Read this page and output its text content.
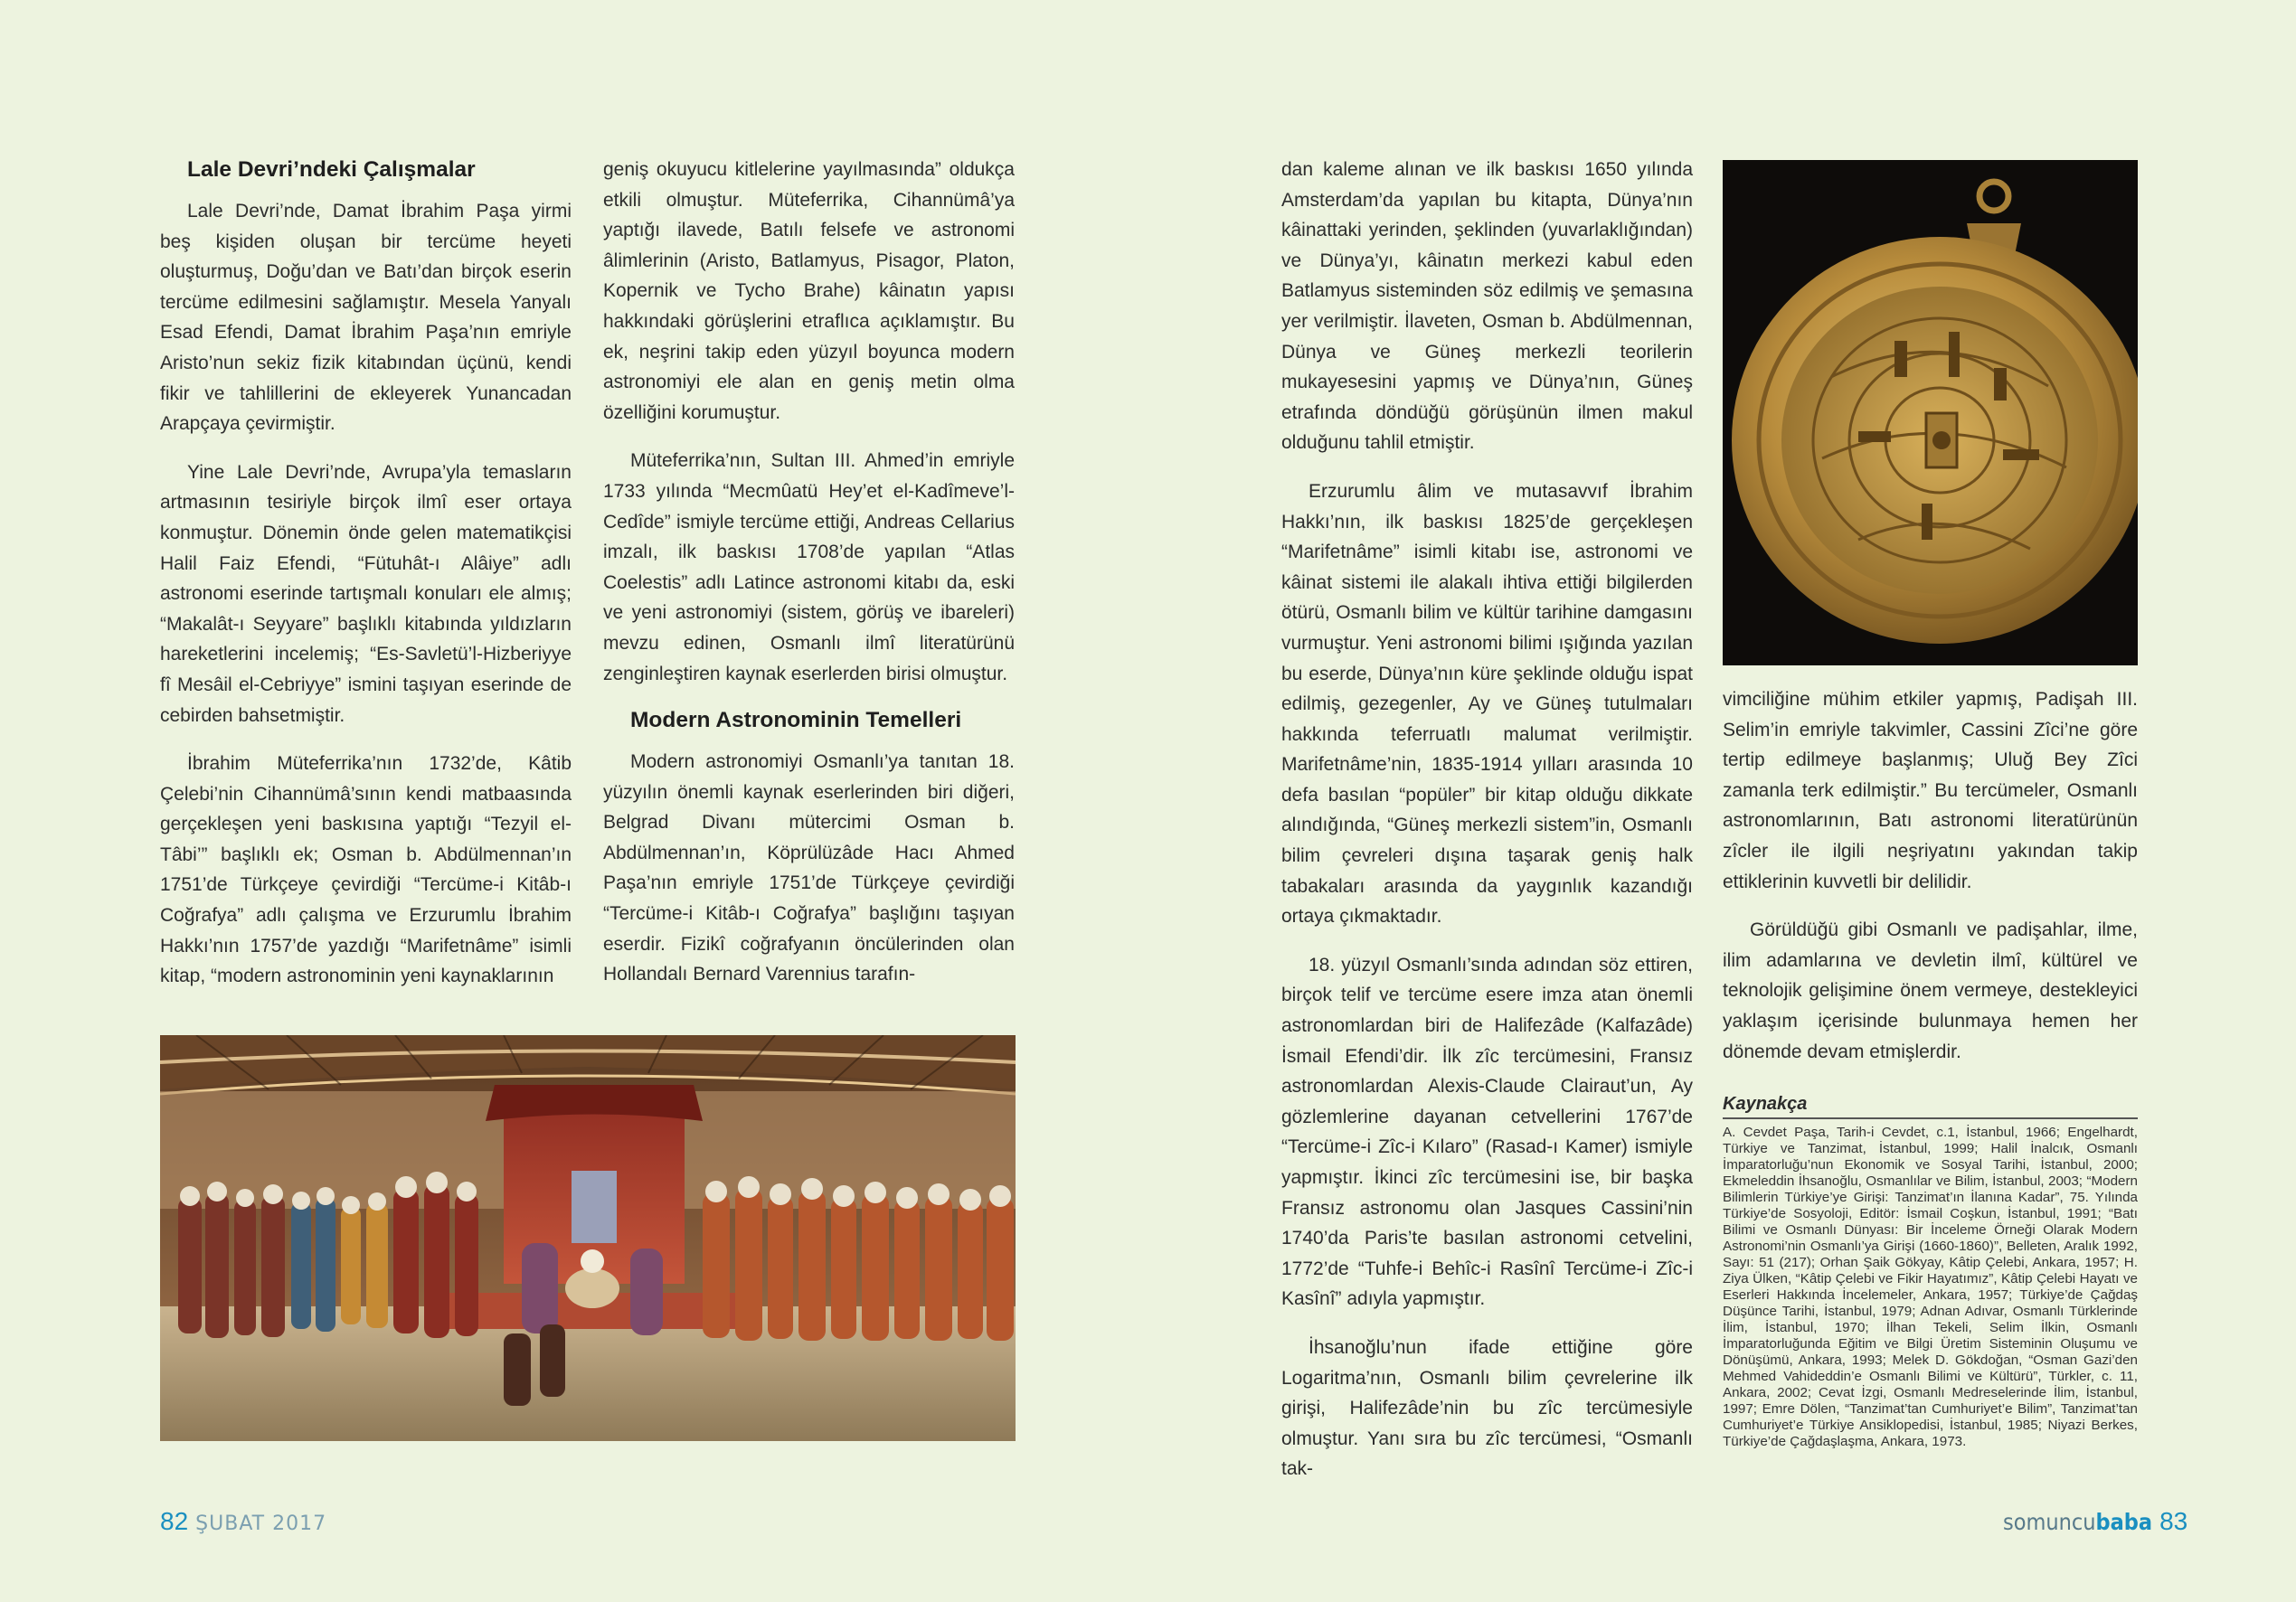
Lale Devri’ndeki Çalışmalar

Lale Devri’nde, Damat İbrahim Paşa yirmi beş kişiden oluşan bir tercüme heyeti oluşturmuş, Doğu’dan ve Batı’dan birçok eserin tercüme edilmesini sağlamıştır. Mesela Yanyalı Esad Efendi, Damat İbrahim Paşa’nın emriyle Aristo’nun sekiz fizik kitabından üçünü, kendi fikir ve tahlillerini de ekleyerek Yunancadan Arapçaya çevirmiştir.

Yine Lale Devri’nde, Avrupa’yla temasların artmasının tesiriyle birçok ilmî eser ortaya konmuştur. Dönemin önde gelen matematikçisi Halil Faiz Efendi, “Fütuhât-ı Alâiye” adlı astronomi eserinde tartışmalı konuları ele almış; “Makalât-ı Seyyare” başlıklı kitabında yıldızların hareketlerini incelemiş; “Es-Savletü’l-Hizberiyye fî Mesâil el-Cebriyye” ismini taşıyan eserinde de cebirden bahsetmiştir.

İbrahim Müteferrika’nın 1732’de, Kâtib Çelebi’nin Cihannümâ’sının kendi matbaasında gerçekleşen yeni baskısına yaptığı “Tezyil el-Tâbi’” başlıklı ek; Osman b. Abdülmennan’ın 1751’de Türkçeye çevirdiği “Tercüme-i Kitâb-ı Coğrafya” adlı çalışma ve Erzurumlu İbrahim Hakkı’nın 1757’de yazdığı “Marifetnâme” isimli kitap, “modern astronominin yeni kaynaklarının

geniş okuyucu kitlelerine yayılmasında” oldukça etkili olmuştur. Müteferrika, Cihannümâ’ya yaptığı ilavede, Batılı felsefe ve astronomi âlimlerinin (Aristo, Batlamyus, Pisagor, Platon, Kopernik ve Tycho Brahe) kâinatın yapısı hakkındaki görüşlerini etraflıca açıklamıştır. Bu ek, neşrini takip eden yüzyıl boyunca modern astronomiyi ele alan en geniş metin olma özelliğini korumuştur.

Müteferrika’nın, Sultan III. Ahmed’in emriyle 1733 yılında “Mecmûatü Hey’et el-Kadîmeve’l-Cedîde” ismiyle tercüme ettiği, Andreas Cellarius imzalı, ilk baskısı 1708’de yapılan “Atlas Coelestis” adlı Latince astronomi kitabı da, eski ve yeni astronomiyi (sistem, görüş ve ibareleri) mevzu edinen, Osmanlı ilmî literatürünü zenginleştiren kaynak eserlerden birisi olmuştur.

Modern Astronominin Temelleri

Modern astronomiyi Osmanlı’ya tanıtan 18. yüzyılın önemli kaynak eserlerinden biri diğeri, Belgrad Divanı mütercimi Osman b. Abdülmennan’ın, Köprülüzâde Hacı Ahmed Paşa’nın emriyle 1751’de Türkçeye çevirdiği “Tercüme-i Kitâb-ı Coğrafya” başlığını taşıyan eserdir. Fizikî coğrafyanın öncülerinden olan Hollandalı Bernard Varennius tarafın-

82 ŞUBAT 2017

dan kaleme alınan ve ilk baskısı 1650 yılında Amsterdam’da yapılan bu kitapta, Dünya’nın kâinattaki yerinden, şeklinden (yuvarlaklığından) ve Dünya’yı, kâinatın merkezi kabul eden Batlamyus sisteminden söz edilmiş ve şemasına yer verilmiştir. İlaveten, Osman b. Abdülmennan, Dünya ve Güneş merkezli teorilerin mukayesesini yapmış ve Dünya’nın, Güneş etrafında döndüğü görüşünün ilmen makul olduğunu tahlil etmiştir.

Erzurumlu âlim ve mutasavvıf İbrahim Hakkı’nın, ilk baskısı 1825’de gerçekleşen “Marifetnâme” isimli kitabı ise, astronomi ve kâinat sistemi ile alakalı ihtiva ettiği bilgilerden ötürü, Osmanlı bilim ve kültür tarihine damgasını vurmuştur. Yeni astronomi bilimi ışığında yazılan bu eserde, Dünya’nın küre şeklinde olduğu ispat edilmiş, gezegenler, Ay ve Güneş tutulmaları hakkında teferruatlı malumat verilmiştir. Marifetnâme’nin, 1835-1914 yılları arasında 10 defa basılan “popüler” bir kitap olduğu dikkate alındığında, “Güneş merkezli sistem”in, Osmanlı bilim çevreleri dışına taşarak geniş halk tabakaları arasında da yaygınlık kazandığı ortaya çıkmaktadır.

18. yüzyıl Osmanlı’sında adından söz ettiren, birçok telif ve tercüme esere imza atan önemli astronomlardan biri de Halifezâde (Kalfazâde) İsmail Efendi’dir. İlk zîc tercümesini, Fransız astronomlardan Alexis-Claude Clairaut’un, Ay gözlemlerine dayanan cetvellerini 1767’de “Tercüme-i Zîc-i Kılaro” (Rasad-ı Kamer) ismiyle yapmıştır. İkinci zîc tercümesini ise, bir başka Fransız astronomu olan Jasques Cassini’nin 1740’da Paris’te basılan astronomi cetvelini, 1772’de “Tuhfe-i Behîc-i Rasînî Tercüme-i Zîc-i Kasînî” adıyla yapmıştır.

İhsanoğlu’nun ifade ettiğine göre Logaritma’nın, Osmanlı bilim çevrelerine ilk girişi, Halifezâde’nin bu zîc tercümesiyle olmuştur. Yanı sıra bu zîc tercümesi, “Osmanlı tak-

vimciliğine mühim etkiler yapmış, Padişah III. Selim’in emriyle takvimler, Cassini Zîci’ne göre tertip edilmeye başlanmış; Uluğ Bey Zîci zamanla terk edilmiştir.” Bu tercümeler, Osmanlı astronomlarının, Batı astronomi literatürünün zîcler ile ilgili neşriyatını yakından takip ettiklerinin kuvvetli bir delilidir.

Görüldüğü gibi Osmanlı ve padişahlar, ilme, ilim adamlarına ve devletin ilmî, kültürel ve teknolojik gelişimine önem vermeye, destekleyici yaklaşım içerisinde bulunmaya hemen her dönemde devam etmişlerdir.

Kaynakça
A. Cevdet Paşa, Tarih-i Cevdet, c.1, İstanbul, 1966; Engelhardt, Türkiye ve Tanzimat, İstanbul, 1999; Halil İnalcık, Osmanlı İmparatorluğu’nun Ekonomik ve Sosyal Tarihi, İstanbul, 2000; Ekmeleddin İhsanoğlu, Osmanlılar ve Bilim, İstanbul, 2003; “Modern Bilimlerin Türkiye’ye Girişi: Tanzimat’ın İlanına Kadar”, 75. Yılında Türkiye’de Sosyoloji, Editör: İsmail Coşkun, İstanbul, 1991; “Batı Bilimi ve Osmanlı Dünyası: Bir İnceleme Örneği Olarak Modern Astronomi’nin Osmanlı’ya Girişi (1660-1860)”, Belleten, Aralık 1992, Sayı: 51 (217); Orhan Şaik Gökyay, Kâtip Çelebi, Ankara, 1957; H. Ziya Ülken, “Kâtip Çelebi ve Fikir Hayatımız”, Kâtip Çelebi Hayatı ve Eserleri Hakkında İncelemeler, Ankara, 1957; Türkiye’de Çağdaş Düşünce Tarihi, İstanbul, 1979; Adnan Adıvar, Osmanlı Türklerinde İlim, İstanbul, 1970; İlhan Tekeli, Selim İlkin, Osmanlı İmparatorluğunda Eğitim ve Bilgi Üretim Sisteminin Oluşumu ve Dönüşümü, Ankara, 1993; Melek D. Gökdoğan, “Osman Gazi’den Mehmed Vahideddin’e Osmanlı Bilimi ve Kültürü”, Türkler, c. 11, Ankara, 2002; Cevat İzgi, Osmanlı Medreselerinde İlim, İstanbul, 1997; Emre Dölen, “Tanzimat’tan Cumhuriyet’e Bilim”, Tanzimat’tan Cumhuriyet’e Türkiye Ansiklopedisi, İstanbul, 1985; Niyazi Berkes, Türkiye’de Çağdaşlaşma, Ankara, 1973.
somuncubaba 83
